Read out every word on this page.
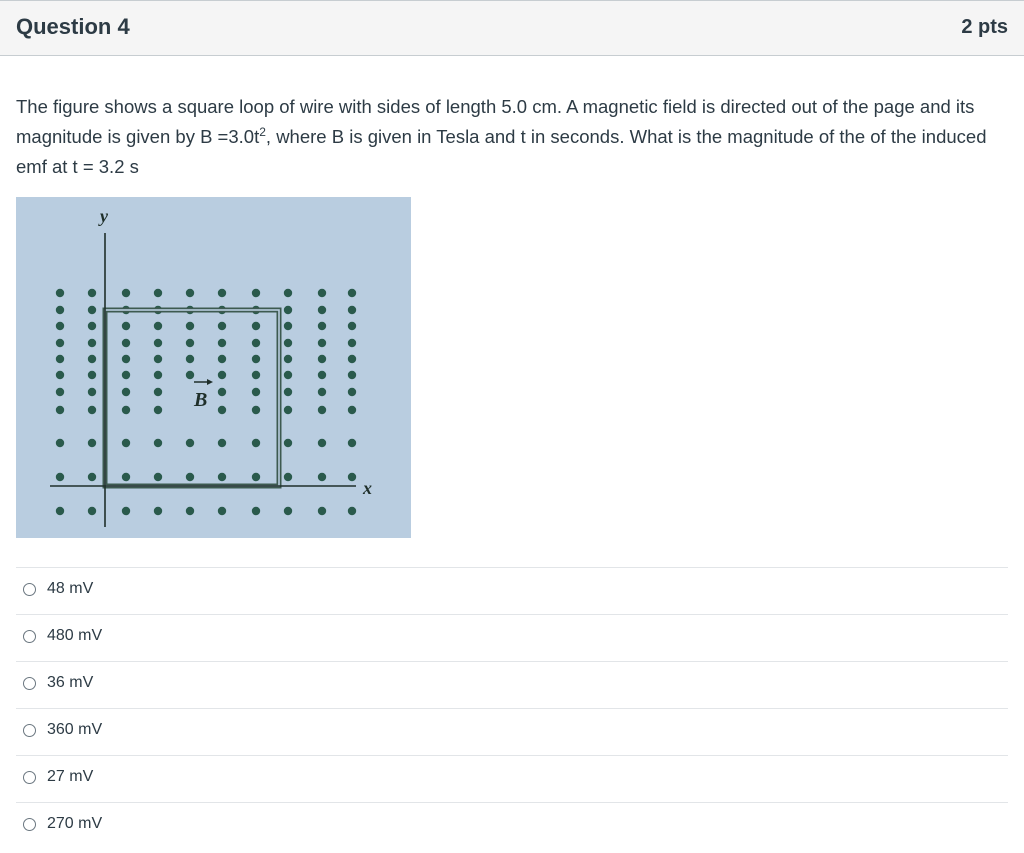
Question 4	2 pts
The figure shows a square loop of wire with sides of length 5.0 cm. A magnetic field is directed out of the page and its magnitude is given by $B =3.0t^2$, where B is given in Tesla and t in seconds. What is the magnitude of the of the induced emf at t = 3.2 s
y
x
B
48 mV
480 mV
36 mV
360 mV
27 mV
270 mV
